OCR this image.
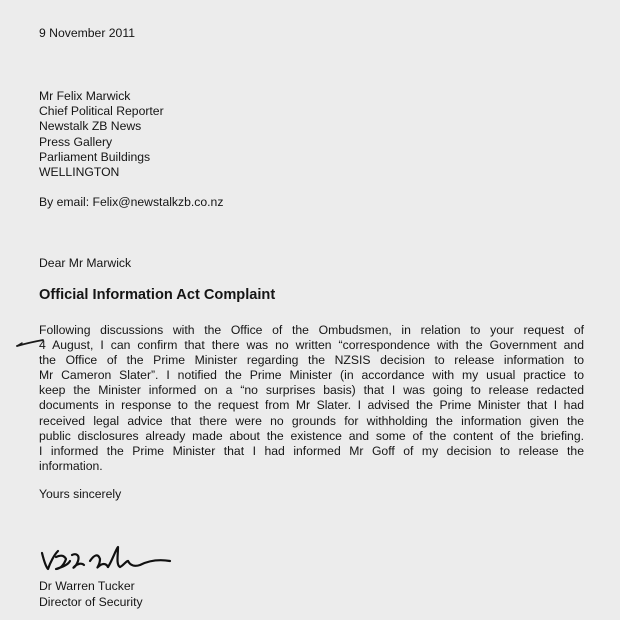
9 November 2011
Mr Felix Marwick
Chief Political Reporter
Newstalk ZB News
Press Gallery
Parliament Buildings
WELLINGTON
By email: Felix@newstalkzb.co.nz
Dear Mr Marwick
Official Information Act Complaint
Following discussions with the Office of the Ombudsmen, in relation to your request of
4 August, I can confirm that there was no written “correspondence with the Government and
the Office of the Prime Minister regarding the NZSIS decision to release information to
Mr Cameron Slater”. I notified the Prime Minister (in accordance with my usual practice to
keep the Minister informed on a “no surprises basis) that I was going to release redacted
documents in response to the request from Mr Slater. I advised the Prime Minister that I had
received legal advice that there were no grounds for withholding the information given the
public disclosures already made about the existence and some of the content of the briefing.
I informed the Prime Minister that I had informed Mr Goff of my decision to release the
information.
Yours sincerely
Dr Warren Tucker
Director of Security
